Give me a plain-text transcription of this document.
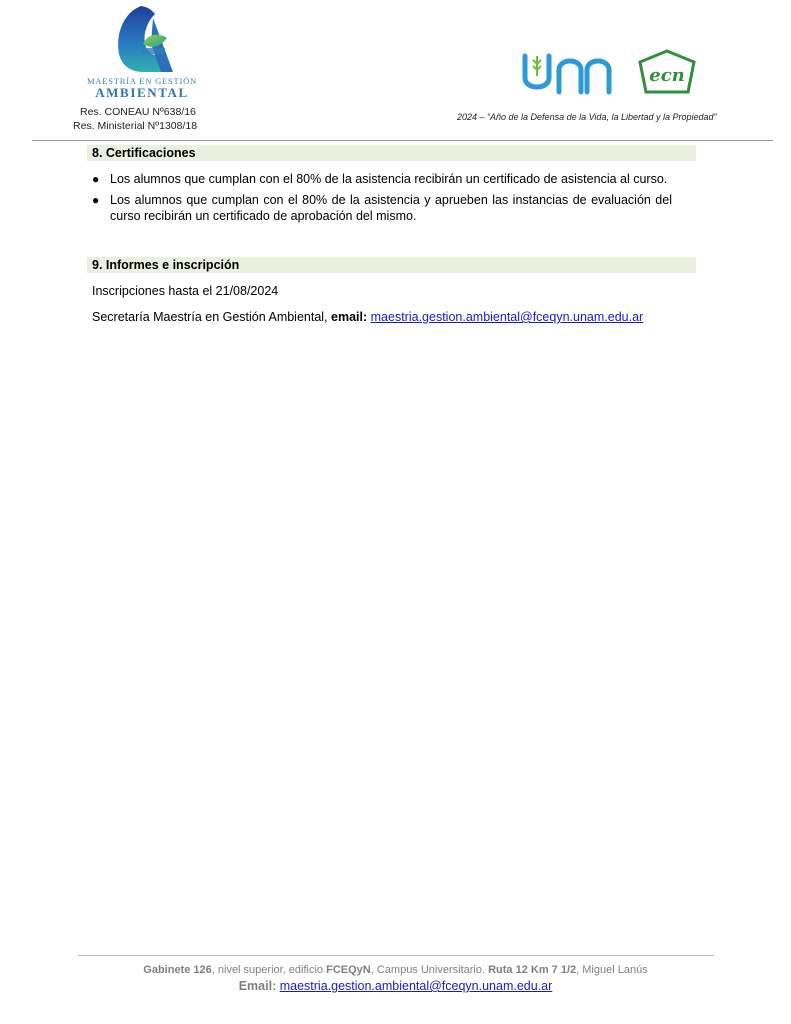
MAESTRÍA EN GESTIÓN
AMBIENTAL
Res. CONEAU Nº638/16
Res. Ministerial Nº1308/18
ecn
2024 – “Año de la Defensa de la Vida, la Libertad y la Propiedad”
8. Certificaciones
● Los alumnos que cumplan con el 80% de la asistencia recibirán un certificado de asistencia al curso.
● Los alumnos que cumplan con el 80% de la asistencia y aprueben las instancias de evaluación del curso recibirán un certificado de aprobación del mismo.
9. Informes e inscripción
Inscripciones hasta el 21/08/2024
Secretaría Maestría en Gestión Ambiental, email: maestria.gestion.ambiental@fceqyn.unam.edu.ar
Gabinete 126, nivel superior, edificio FCEQyN, Campus Universitario. Ruta 12 Km 7 1/2, Miguel Lanús
Email: maestria.gestion.ambiental@fceqyn.unam.edu.ar
